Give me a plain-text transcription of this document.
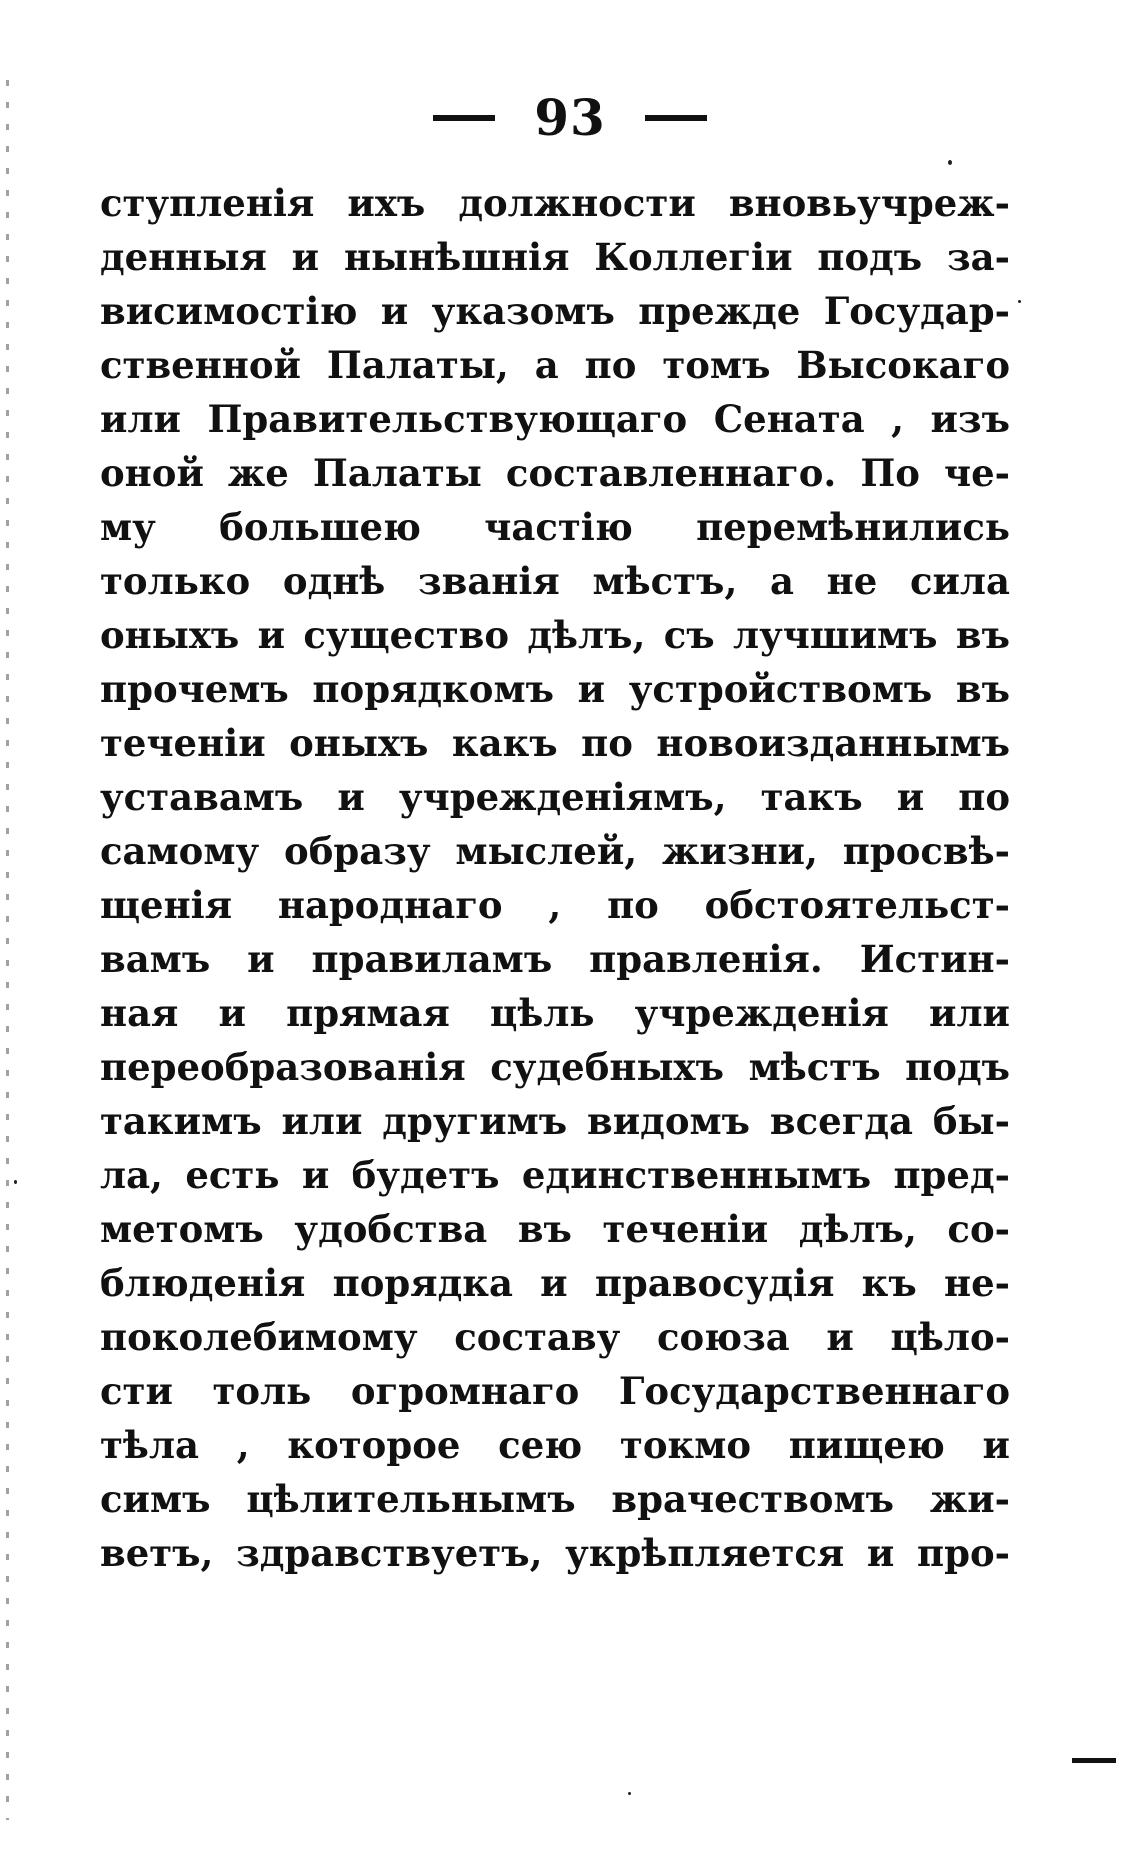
93
ступленія ихъ должности вновьучреж-
денныя и нынѣшнія Коллегіи подъ за-
висимостію и указомъ прежде Государ-
ственной Палаты, а по томъ Высокаго
или Правительствующаго Сената , изъ
оной же Палаты составленнаго. По че-
му большею частію перемѣнились
только однѣ званія мѣстъ, а не сила
оныхъ и существо дѣлъ, съ лучшимъ въ
прочемъ порядкомъ и устройствомъ въ
теченіи оныхъ какъ по новоизданнымъ
уставамъ и учрежденіямъ, такъ и по
самому образу мыслей, жизни, просвѣ-
щенія народнаго , по обстоятельст-
вамъ и правиламъ правленія. Истин-
ная и прямая цѣль учрежденія или
переобразованія судебныхъ мѣстъ подъ
такимъ или другимъ видомъ всегда бы-
ла, есть и будетъ единственнымъ пред-
метомъ удобства въ теченіи дѣлъ, со-
блюденія порядка и правосудія къ не-
поколебимому составу союза и цѣло-
сти толь огромнаго Государственнаго
тѣла , которое сею токмо пищею и
симъ цѣлительнымъ врачествомъ жи-
ветъ, здравствуетъ, укрѣпляется и про-
